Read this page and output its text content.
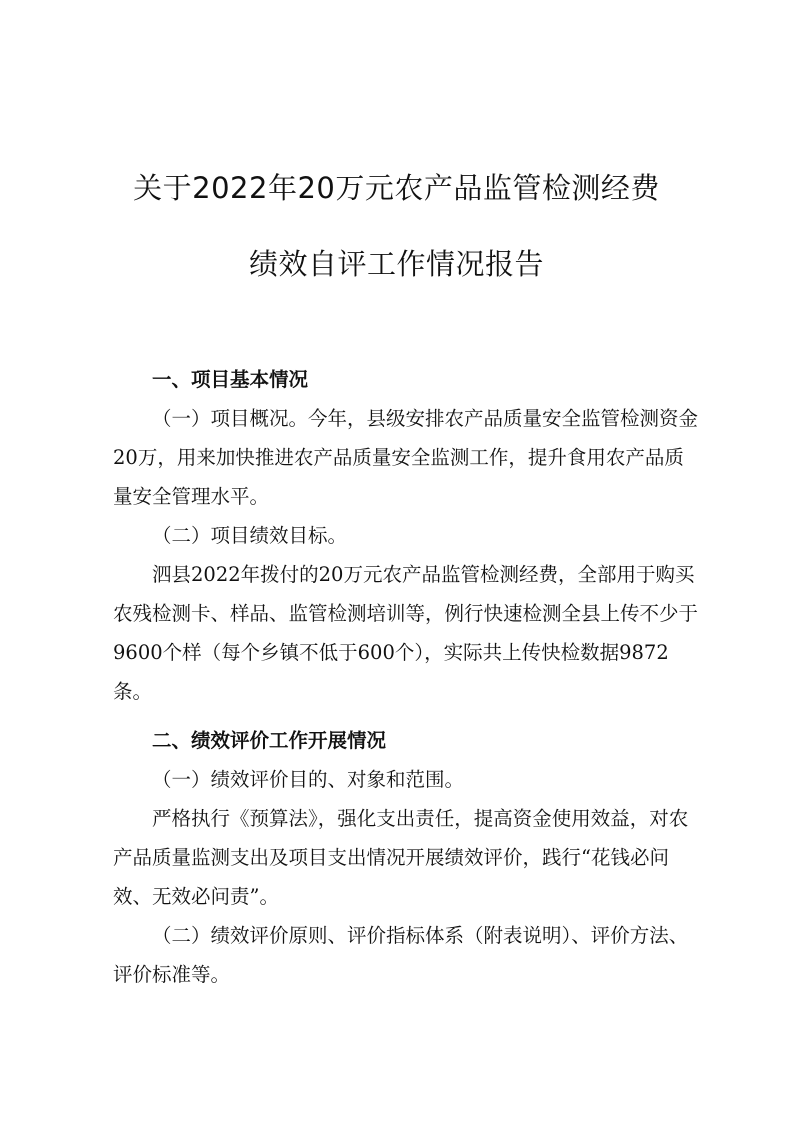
关于2022年20万元农产品监管检测经费
绩效自评工作情况报告

一、项目基本情况

（一）项目概况。今年，县级安排农产品质量安全监管检测资金20万，用来加快推进农产品质量安全监测工作，提升食用农产品质量安全管理水平。

（二）项目绩效目标。

泗县2022年拨付的20万元农产品监管检测经费，全部用于购买农残检测卡、样品、监管检测培训等，例行快速检测全县上传不少于9600个样（每个乡镇不低于600个），实际共上传快检数据9872条。

二、绩效评价工作开展情况

（一）绩效评价目的、对象和范围。

严格执行《预算法》，强化支出责任，提高资金使用效益，对农产品质量监测支出及项目支出情况开展绩效评价，践行“花钱必问效、无效必问责”。

（二）绩效评价原则、评价指标体系（附表说明）、评价方法、评价标准等。
